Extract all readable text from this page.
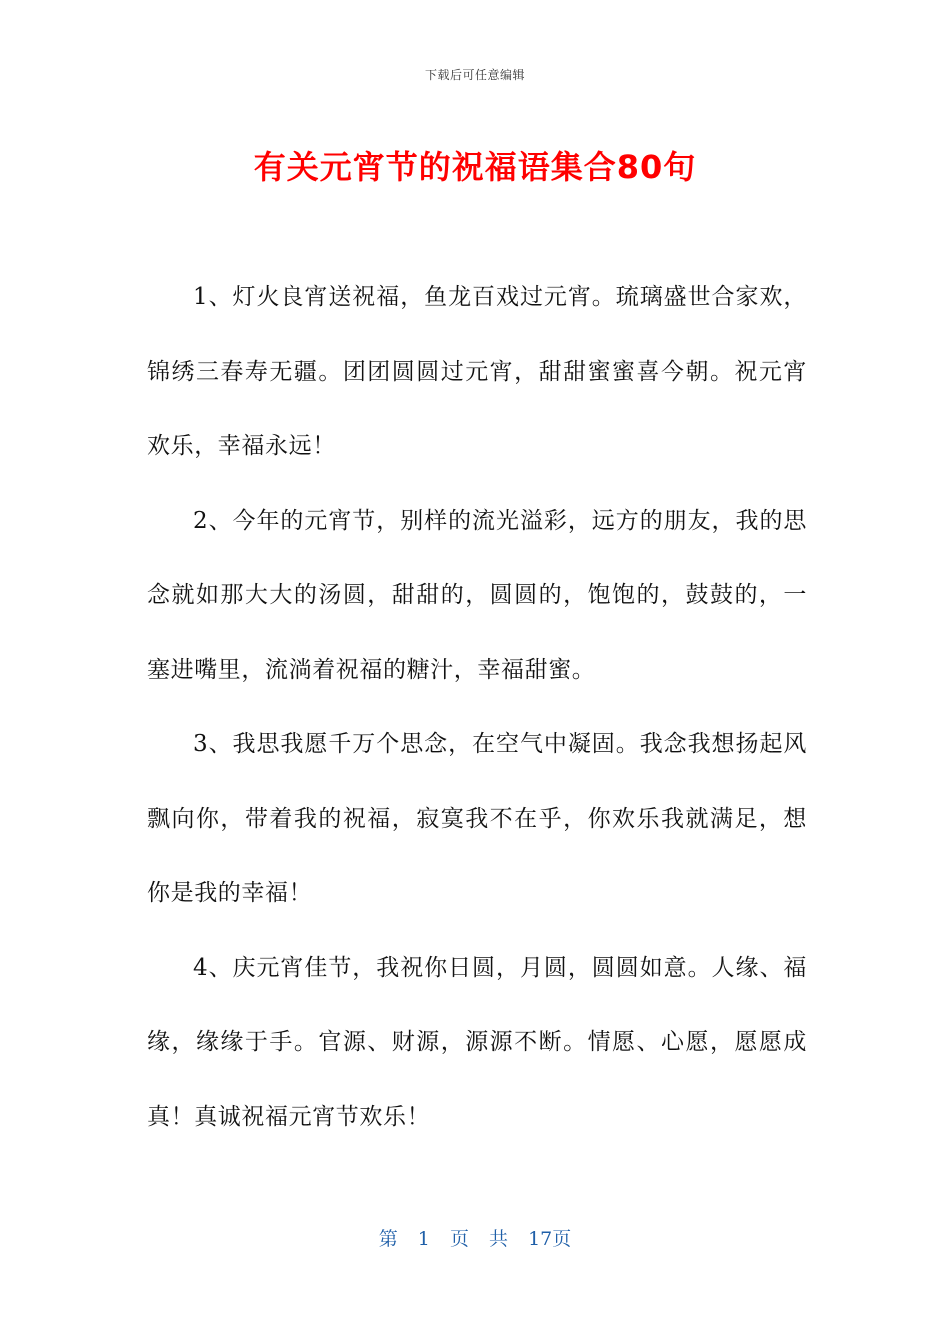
下载后可任意编辑
有关元宵节的祝福语集合80句

1、灯火良宵送祝福，鱼龙百戏过元宵。琉璃盛世合家欢，锦绣三春寿无疆。团团圆圆过元宵，甜甜蜜蜜喜今朝。祝元宵欢乐，幸福永远！

2、今年的元宵节，别样的流光溢彩，远方的朋友，我的思念就如那大大的汤圆，甜甜的，圆圆的，饱饱的，鼓鼓的，一塞进嘴里，流淌着祝福的糖汁，幸福甜蜜。

3、我思我愿千万个思念，在空气中凝固。我念我想扬起风飘向你，带着我的祝福，寂寞我不在乎，你欢乐我就满足，想你是我的幸福！

4、庆元宵佳节，我祝你日圆，月圆，圆圆如意。人缘、福缘，缘缘于手。官源、财源，源源不断。情愿、心愿，愿愿成真！真诚祝福元宵节欢乐！

第 1 页 共 17页
